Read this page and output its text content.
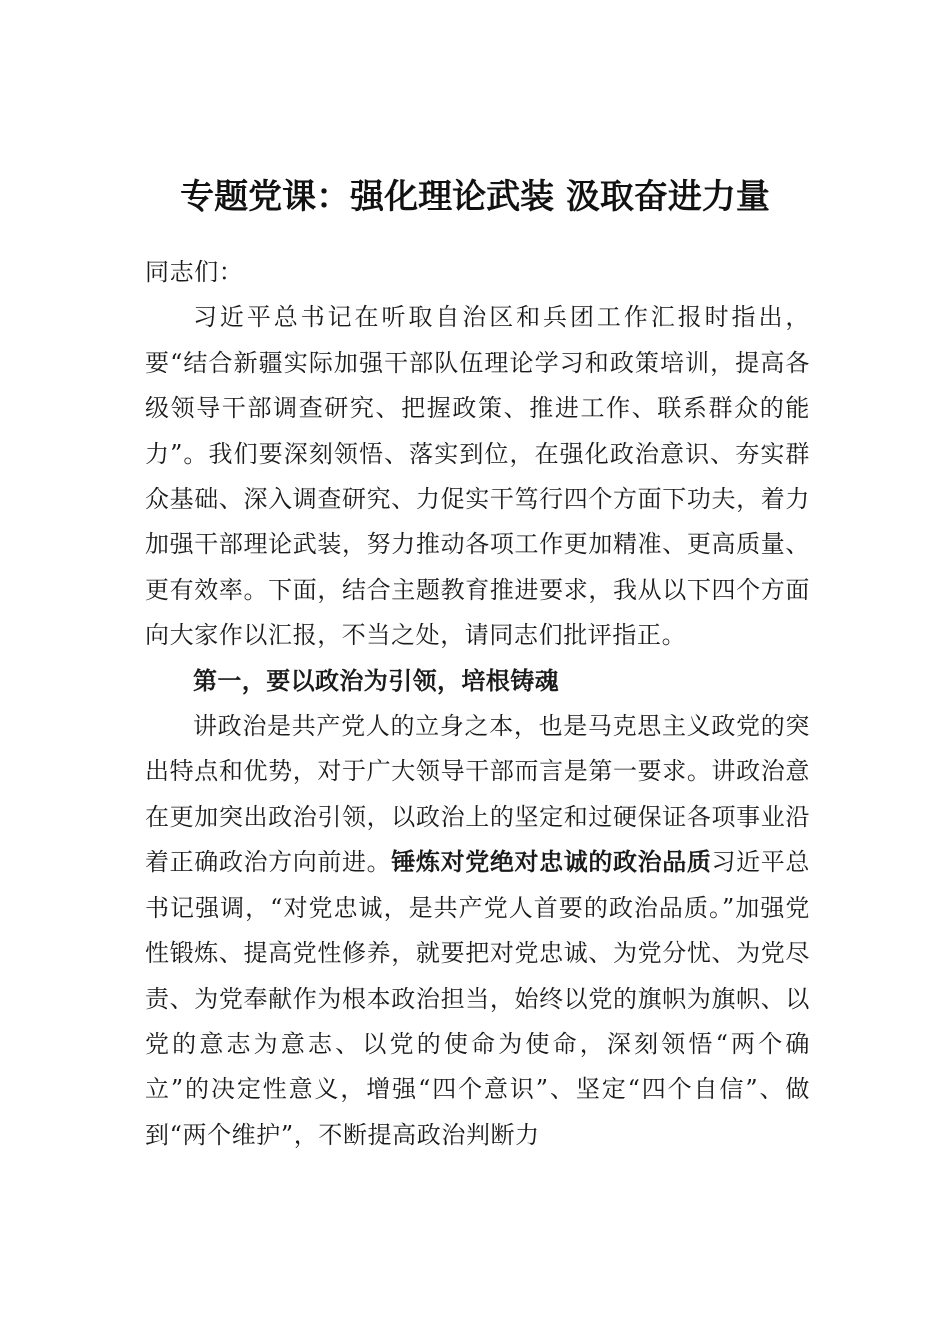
专题党课：强化理论武装 汲取奋进力量

同志们：

习近平总书记在听取自治区和兵团工作汇报时指出，要“结合新疆实际加强干部队伍理论学习和政策培训，提高各级领导干部调查研究、把握政策、推进工作、联系群众的能力”。我们要深刻领悟、落实到位，在强化政治意识、夯实群众基础、深入调查研究、力促实干笃行四个方面下功夫，着力加强干部理论武装，努力推动各项工作更加精准、更高质量、更有效率。下面，结合主题教育推进要求，我从以下四个方面向大家作以汇报，不当之处，请同志们批评指正。

第一，要以政治为引领，培根铸魂

讲政治是共产党人的立身之本，也是马克思主义政党的突出特点和优势，对于广大领导干部而言是第一要求。讲政治意在更加突出政治引领，以政治上的坚定和过硬保证各项事业沿着正确政治方向前进。锤炼对党绝对忠诚的政治品质习近平总书记强调，“对党忠诚，是共产党人首要的政治品质。”加强党性锻炼、提高党性修养，就要把对党忠诚、为党分忧、为党尽责、为党奉献作为根本政治担当，始终以党的旗帜为旗帜、以党的意志为意志、以党的使命为使命，深刻领悟“两个确立”的决定性意义，增强“四个意识”、坚定“四个自信”、做到“两个维护”，不断提高政治判断力
